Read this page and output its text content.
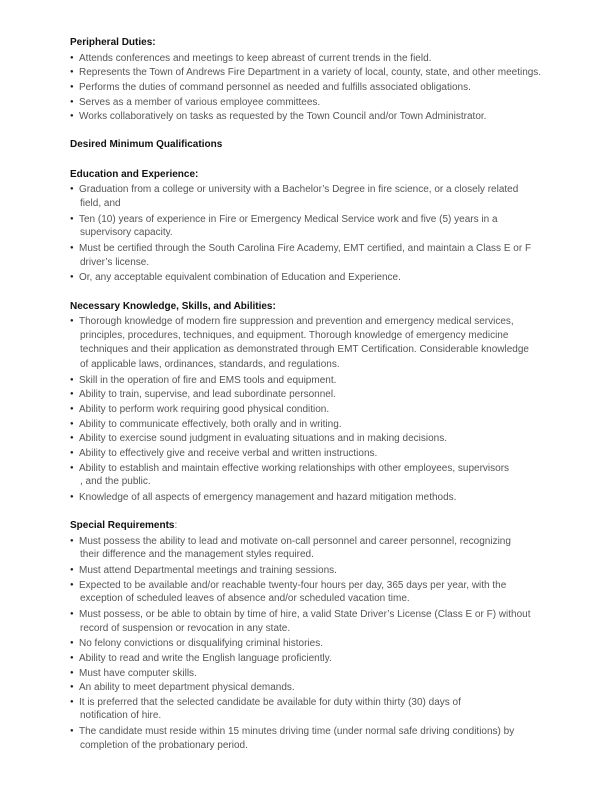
Peripheral Duties:
● Attends conferences and meetings to keep abreast of current trends in the field.
● Represents the Town of Andrews Fire Department in a variety of local, county, state, and other meetings.
● Performs the duties of command personnel as needed and fulfills associated obligations.
● Serves as a member of various employee committees.
● Works collaboratively on tasks as requested by the Town Council and/or Town Administrator.
Desired Minimum Qualifications
Education and Experience:
● Graduation from a college or university with a Bachelor’s Degree in fire science, or a closely related
field, and
● Ten (10) years of experience in Fire or Emergency Medical Service work and five (5) years in a
supervisory capacity.
● Must be certified through the South Carolina Fire Academy, EMT certified, and maintain a Class E or F
driver’s license.
● Or, any acceptable equivalent combination of Education and Experience.
Necessary Knowledge, Skills, and Abilities:
● Thorough knowledge of modern fire suppression and prevention and emergency medical services,
principles, procedures, techniques, and equipment. Thorough knowledge of emergency medicine
techniques and their application as demonstrated through EMT Certification. Considerable knowledge
of applicable laws, ordinances, standards, and regulations.
● Skill in the operation of fire and EMS tools and equipment.
● Ability to train, supervise, and lead subordinate personnel.
● Ability to perform work requiring good physical condition.
● Ability to communicate effectively, both orally and in writing.
● Ability to exercise sound judgment in evaluating situations and in making decisions.
● Ability to effectively give and receive verbal and written instructions.
● Ability to establish and maintain effective working relationships with other employees, supervisors
, and the public.
● Knowledge of all aspects of emergency management and hazard mitigation methods.
Special Requirements:
● Must possess the ability to lead and motivate on-call personnel and career personnel, recognizing
their difference and the management styles required.
● Must attend Departmental meetings and training sessions.
● Expected to be available and/or reachable twenty-four hours per day, 365 days per year, with the
exception of scheduled leaves of absence and/or scheduled vacation time.
● Must possess, or be able to obtain by time of hire, a valid State Driver’s License (Class E or F) without
record of suspension or revocation in any state.
● No felony convictions or disqualifying criminal histories.
● Ability to read and write the English language proficiently.
● Must have computer skills.
● An ability to meet department physical demands.
● It is preferred that the selected candidate be available for duty within thirty (30) days of
notification of hire.
● The candidate must reside within 15 minutes driving time (under normal safe driving conditions) by
completion of the probationary period.
